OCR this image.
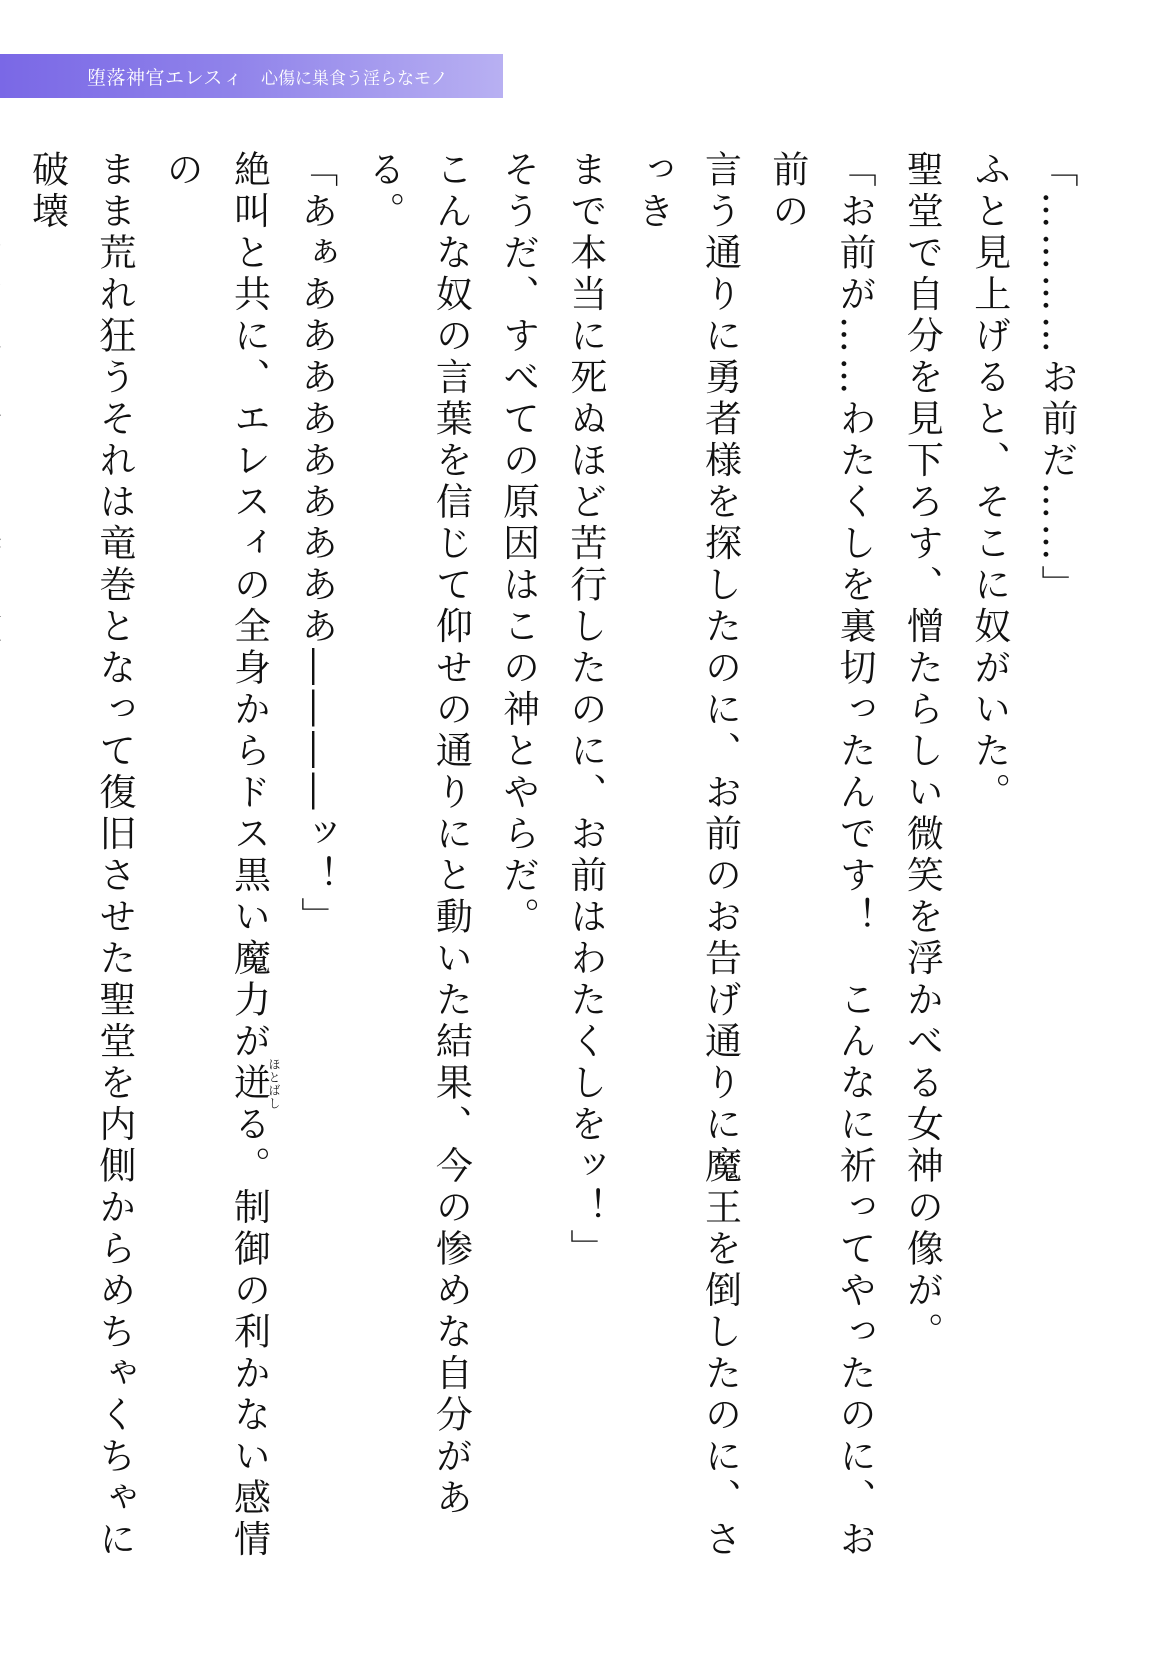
堕落神官エレスィ 心傷に巣食う淫らなモノ

「…………お前だ……」

ふと見上げると、そこに奴がいた。

聖堂で自分を見下ろす、憎たらしい微笑を浮かべる女神の像が。

「お前が……わたくしを裏切ったんです！　こんなに祈ってやったのに、お前の

言う通りに勇者様を探したのに、お前のお告げ通りに魔王を倒したのに、さっき

まで本当に死ぬほど苦行したのに、お前はわたくしをッ！」

そうだ、すべての原因はこの神とやらだ。

こんな奴の言葉を信じて仰せの通りにと動いた結果、今の惨めな自分がある。

「あぁあああああああああ――――ッ！」

絶叫と共に、エレスィの全身からドス黒い魔力が迸ほとばしる。制御の利かない感情の

まま荒れ狂うそれは竜巻となって復旧させた聖堂を内側からめちゃくちゃに破壊
